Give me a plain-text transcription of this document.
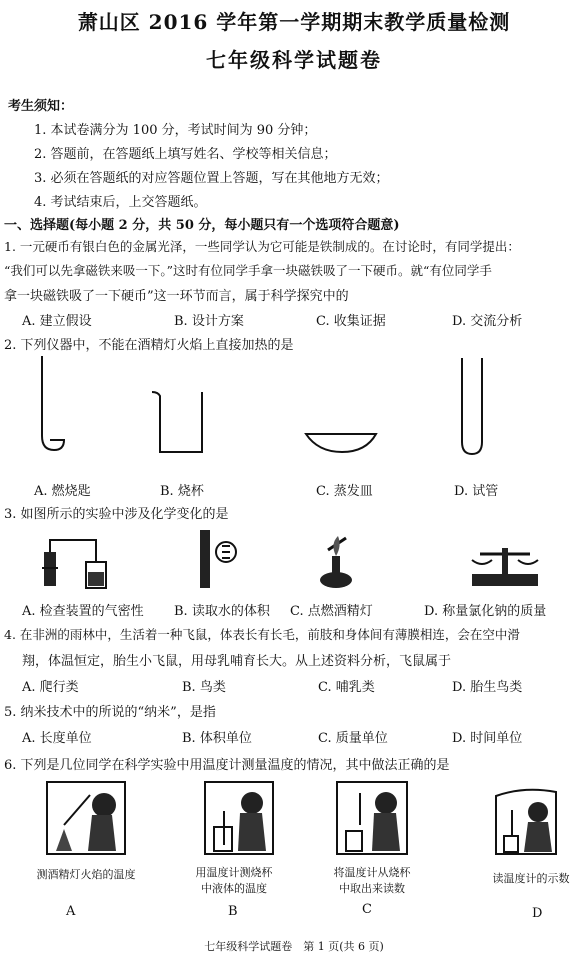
萧山区 2016 学年第一学期期末教学质量检测
七年级科学试题卷
考生须知：
1. 本试卷满分为 100 分，考试时间为 90 分钟；
2. 答题前，在答题纸上填写姓名、学校等相关信息；
3. 必须在答题纸的对应答题位置上答题，写在其他地方无效；
4. 考试结束后，上交答题纸。
一、选择题(每小题 2 分，共 50 分，每小题只有一个选项符合题意)
1. 一元硬币有银白色的金属光泽，一些同学认为它可能是铁制成的。在讨论时，有同学提出：
“我们可以先拿磁铁来吸一下。”这时有位同学手拿一块磁铁吸了一下硬币。就“有位同学手
拿一块磁铁吸了一下硬币”这一环节而言，属于科学探究中的
A. 建立假设	B. 设计方案	C. 收集证据	D. 交流分析
2. 下列仪器中，不能在酒精灯火焰上直接加热的是
A. 燃烧匙	B. 烧杯	C. 蒸发皿	D. 试管
3. 如图所示的实验中涉及化学变化的是
A. 检查装置的气密性 B. 读取水的体积 C. 点燃酒精灯	D. 称量氯化钠的质量
4. 在非洲的雨林中，生活着一种飞鼠，体表长有长毛，前肢和身体间有薄膜相连，会在空中滑
翔，体温恒定，胎生小飞鼠，用母乳哺育长大。从上述资料分析，飞鼠属于
A. 爬行类	B. 鸟类	C. 哺乳类	D. 胎生鸟类
5. 纳米技术中的所说的“纳米”，是指
A. 长度单位	B. 体积单位	C. 质量单位	D. 时间单位
6. 下列是几位同学在科学实验中用温度计测量温度的情况，其中做法正确的是
测酒精灯火焰的温度	用温度计测烧杯
中液体的温度
将温度计从烧杯
中取出来读数
读温度计的示数
A	B	C	D
七年级科学试题卷　第 1 页(共 6 页)
